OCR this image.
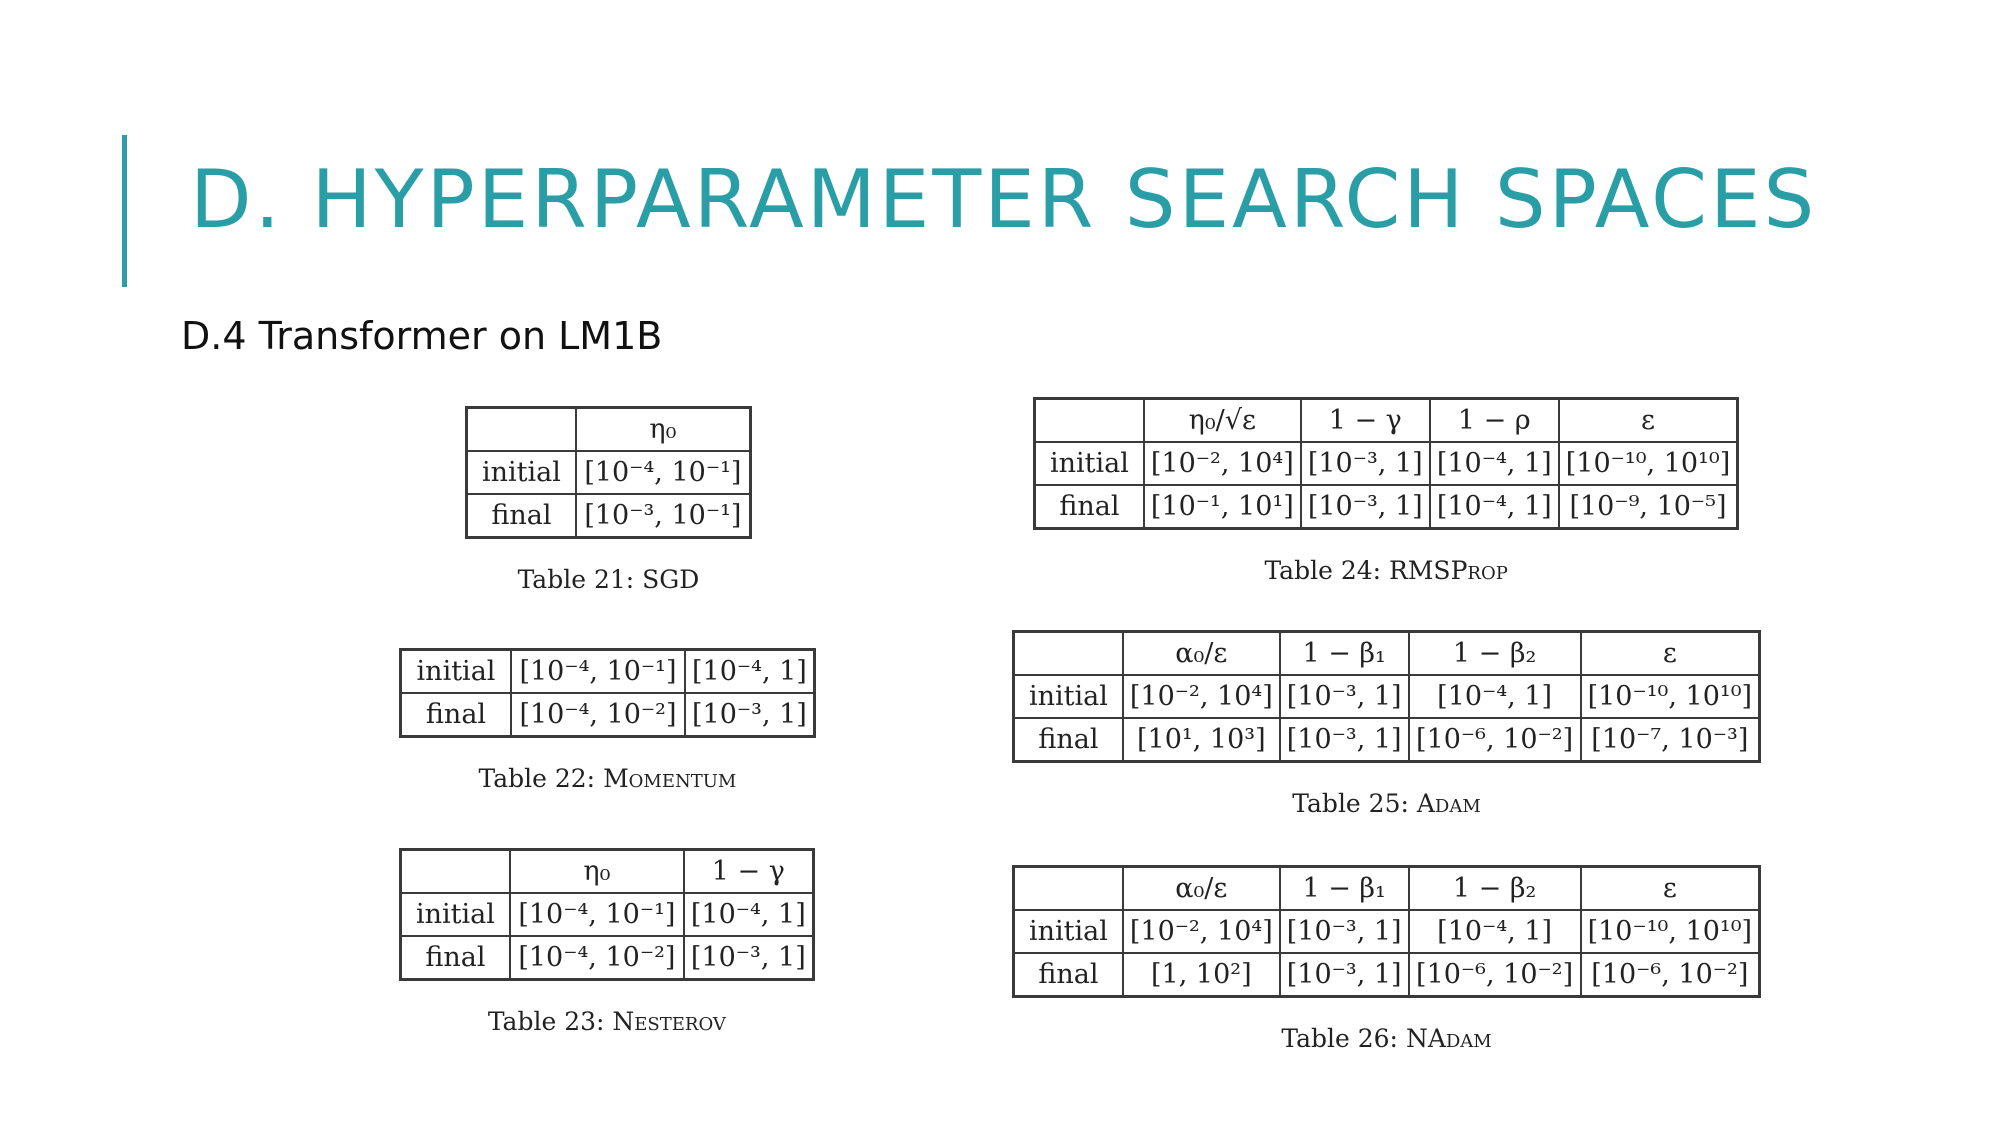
D. HYPERPARAMETER SEARCH SPACES
D.4 Transformer on LM1B
	η₀
initial	[10⁻⁴, 10⁻¹]
final	[10⁻³, 10⁻¹]
Table 21: SGD
initial	[10⁻⁴, 10⁻¹]	[10⁻⁴, 1]
final	[10⁻⁴, 10⁻²]	[10⁻³, 1]
Table 22: Momentum
	η₀	1 − γ
initial	[10⁻⁴, 10⁻¹]	[10⁻⁴, 1]
final	[10⁻⁴, 10⁻²]	[10⁻³, 1]
Table 23: Nesterov
	η₀/√ε	1 − γ	1 − ρ	ε
initial	[10⁻², 10⁴]	[10⁻³, 1]	[10⁻⁴, 1]	[10⁻¹⁰, 10¹⁰]
final	[10⁻¹, 10¹]	[10⁻³, 1]	[10⁻⁴, 1]	[10⁻⁹, 10⁻⁵]
Table 24: RMSProp
	α₀/ε	1 − β₁	1 − β₂	ε
initial	[10⁻², 10⁴]	[10⁻³, 1]	[10⁻⁴, 1]	[10⁻¹⁰, 10¹⁰]
final	[10¹, 10³]	[10⁻³, 1]	[10⁻⁶, 10⁻²]	[10⁻⁷, 10⁻³]
Table 25: Adam
	α₀/ε	1 − β₁	1 − β₂	ε
initial	[10⁻², 10⁴]	[10⁻³, 1]	[10⁻⁴, 1]	[10⁻¹⁰, 10¹⁰]
final	[1, 10²]	[10⁻³, 1]	[10⁻⁶, 10⁻²]	[10⁻⁶, 10⁻²]
Table 26: NAdam
